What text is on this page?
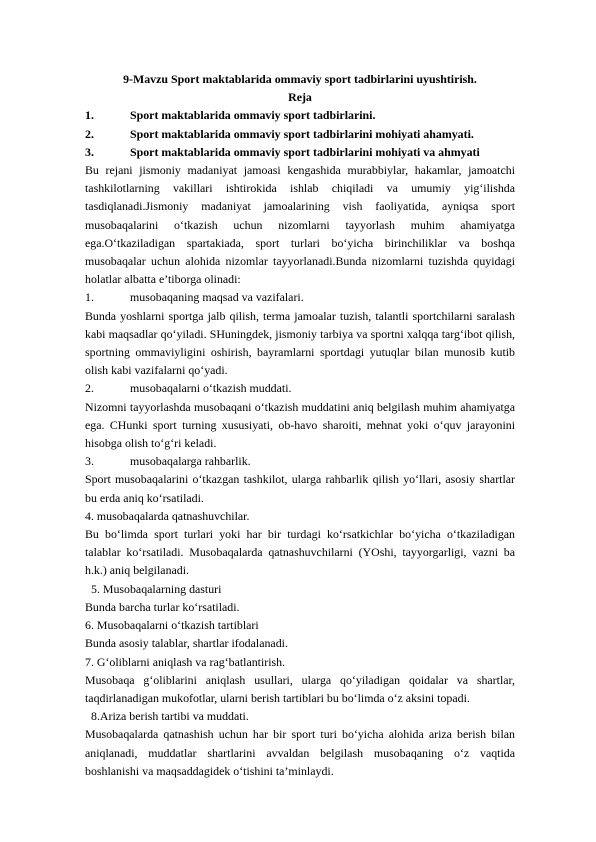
9-Mavzu Sport maktablarida ommaviy sport tadbirlarini uyushtirish.

Reja

1.	Sport maktablarida ommaviy sport tadbirlarini.
2.	Sport maktablarida ommaviy sport tadbirlarini mohiyati ahamyati.
3.	Sport maktablarida ommaviy sport tadbirlarini mohiyati va ahmyati

Bu rejani jismoniy madaniyat jamoasi kengashida murabbiylar, hakamlar, jamoatchi tashkilotlarning vakillari ishtirokida ishlab chiqiladi va umumiy yig‘ilishda tasdiqlanadi.Jismoniy madaniyat jamoalarining vish faoliyatida, ayniqsa sport musobaqalarini o‘tkazish uchun nizomlarni tayyorlash muhim ahamiyatga ega.O‘tkaziladigan spartakiada, sport turlari bo‘yicha birinchiliklar va boshqa musobaqalar uchun alohida nizomlar tayyorlanadi.Bunda nizomlarni tuzishda quyidagi holatlar albatta e’tiborga olinadi:

1.	musobaqaning maqsad va vazifalari.

Bunda yoshlarni sportga jalb qilish, terma jamoalar tuzish, talantli sportchilarni saralash kabi maqsadlar qo‘yiladi. SHuningdek, jismoniy tarbiya va sportni xalqqa targ‘ibot qilish, sportning ommaviyligini oshirish, bayramlarni sportdagi yutuqlar bilan munosib kutib olish kabi vazifalarni qo‘yadi.

2.	musobaqalarni o‘tkazish muddati.

Nizomni tayyorlashda musobaqani o‘tkazish muddatini aniq belgilash muhim ahamiyatga ega. CHunki sport turning xususiyati, ob-havo sharoiti, mehnat yoki o‘quv jarayonini hisobga olish to‘g‘ri keladi.

3.	musobaqalarga rahbarlik.

Sport musobaqalarini o‘tkazgan tashkilot, ularga rahbarlik qilish yo‘llari, asosiy shartlar bu erda aniq ko‘rsatiladi.

4. musobaqalarda qatnashuvchilar.

Bu bo‘limda sport turlari yoki har bir turdagi ko‘rsatkichlar bo‘yicha o‘tkaziladigan talablar ko‘rsatiladi. Musobaqalarda qatnashuvchilarni (YOshi, tayyorgarligi, vazni ba h.k.) aniq belgilanadi.

5. Musobaqalarning dasturi

Bunda barcha turlar ko‘rsatiladi.

6. Musobaqalarni o‘tkazish tartiblari

Bunda asosiy talablar, shartlar ifodalanadi.

7. G‘oliblarni aniqlash va rag‘batlantirish.

Musobaqa g‘oliblarini aniqlash usullari, ularga qo‘yiladigan qoidalar va shartlar, taqdirlanadigan mukofotlar, ularni berish tartiblari bu bo‘limda o‘z aksini topadi.

8.Ariza berish tartibi va muddati.

Musobaqalarda qatnashish uchun har bir sport turi bo‘yicha alohida ariza berish bilan aniqlanadi, muddatlar shartlarini avvaldan belgilash musobaqaning o‘z vaqtida boshlanishi va maqsaddagidek o‘tishini ta’minlaydi.
